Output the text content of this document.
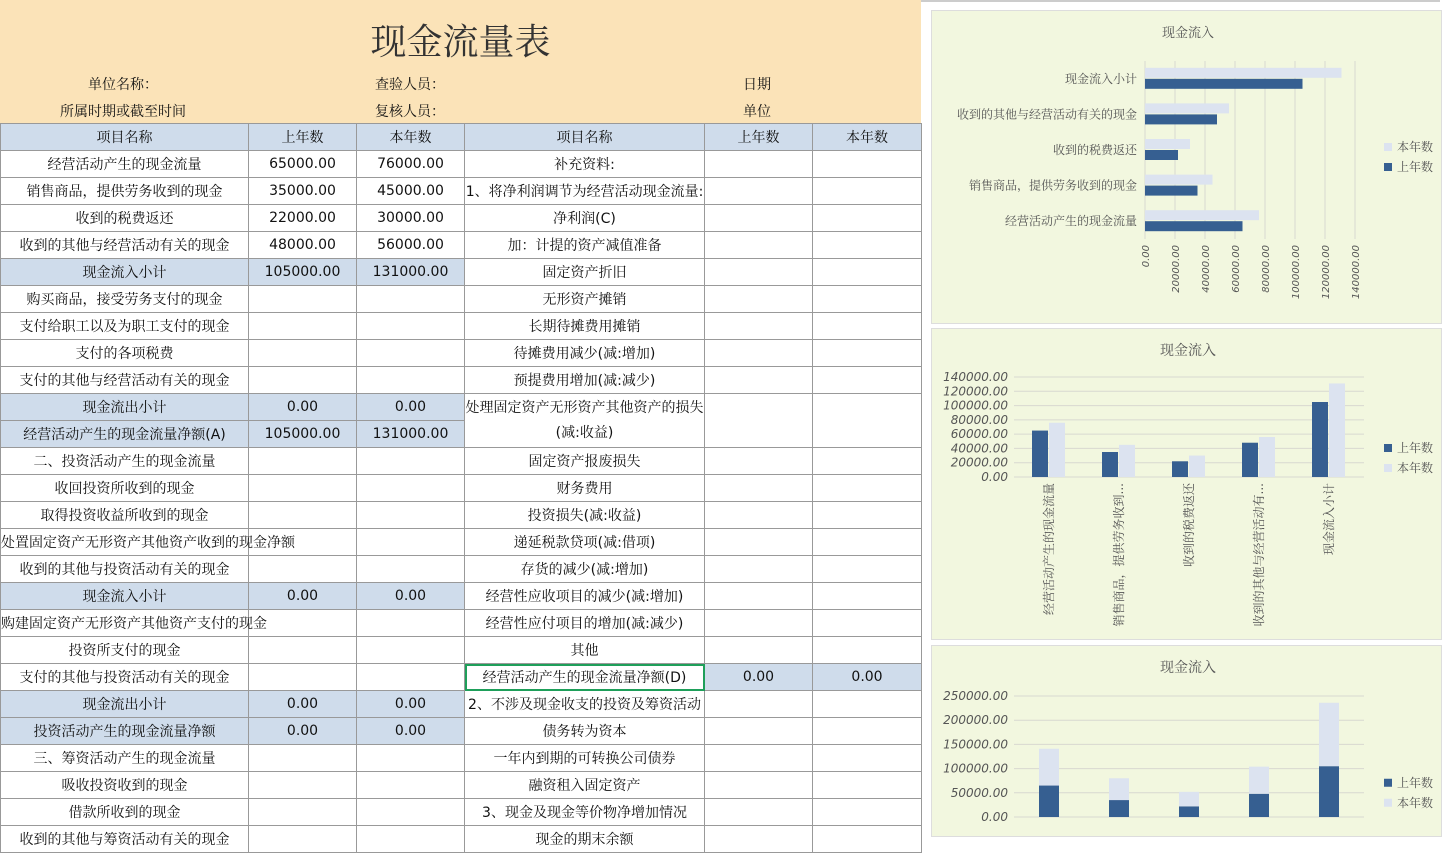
现金流量表
单位名称：
所属时期或截至时间
查验人员：
复核人员：
日期
单位
项目名称	上年数	本年数	项目名称	上年数	本年数
经营活动产生的现金流量	65000.00	76000.00	补充资料:		
销售商品，提供劳务收到的现金	35000.00	45000.00	1、将净利润调节为经营活动现金流量:		
收到的税费返还	22000.00	30000.00	净利润(C)		
收到的其他与经营活动有关的现金	48000.00	56000.00	加：计提的资产减值准备		
现金流入小计	105000.00	131000.00	固定资产折旧		
购买商品，接受劳务支付的现金			无形资产摊销		
支付给职工以及为职工支付的现金			长期待摊费用摊销		
支付的各项税费			待摊费用减少(减:增加)		
支付的其他与经营活动有关的现金			预提费用增加(减:减少)		
现金流出小计	0.00	0.00	处理固定资产无形资产其他资产的损失(减:收益)		
经营活动产生的现金流量净额(A)	105000.00	131000.00			
二、投资活动产生的现金流量			固定资产报废损失		
收回投资所收到的现金			财务费用		
取得投资收益所收到的现金			投资损失(减:收益)		
处置固定资产无形资产其他资产收到的现金净额			递延税款贷项(减:借项)		
收到的其他与投资活动有关的现金			存货的减少(减:增加)		
现金流入小计	0.00	0.00	经营性应收项目的减少(减:增加)		
购建固定资产无形资产其他资产支付的现金			经营性应付项目的增加(减:减少)		
投资所支付的现金			其他		
支付的其他与投资活动有关的现金			经营活动产生的现金流量净额(D)	0.00	0.00
现金流出小计	0.00	0.00	2、不涉及现金收支的投资及筹资活动		
投资活动产生的现金流量净额	0.00	0.00	债务转为资本		
三、筹资活动产生的现金流量			一年内到期的可转换公司债券		
吸收投资收到的现金			融资租入固定资产		
借款所收到的现金			3、现金及现金等价物净增加情况		
收到的其他与筹资活动有关的现金			现金的期末余额		
现金流入
0.00 20000.00 40000.00 60000.00 80000.00 100000.00 120000.00 140000.00
经营活动产生的现金流量
销售商品，提供劳务收到的现金
收到的税费返还
收到的其他与经营活动有关的现金
现金流入小计
本年数
上年数
现金流入
0.00
20000.00
40000.00
60000.00
80000.00
100000.00
120000.00
140000.00
经营活动产生的现金流量	销售商品，提供劳务收到...	收到的税费返还	收到的其他与经营活动有...	现金流入小计
上年数
本年数
现金流入
0.00
50000.00
100000.00
150000.00
200000.00
250000.00
上年数
本年数
